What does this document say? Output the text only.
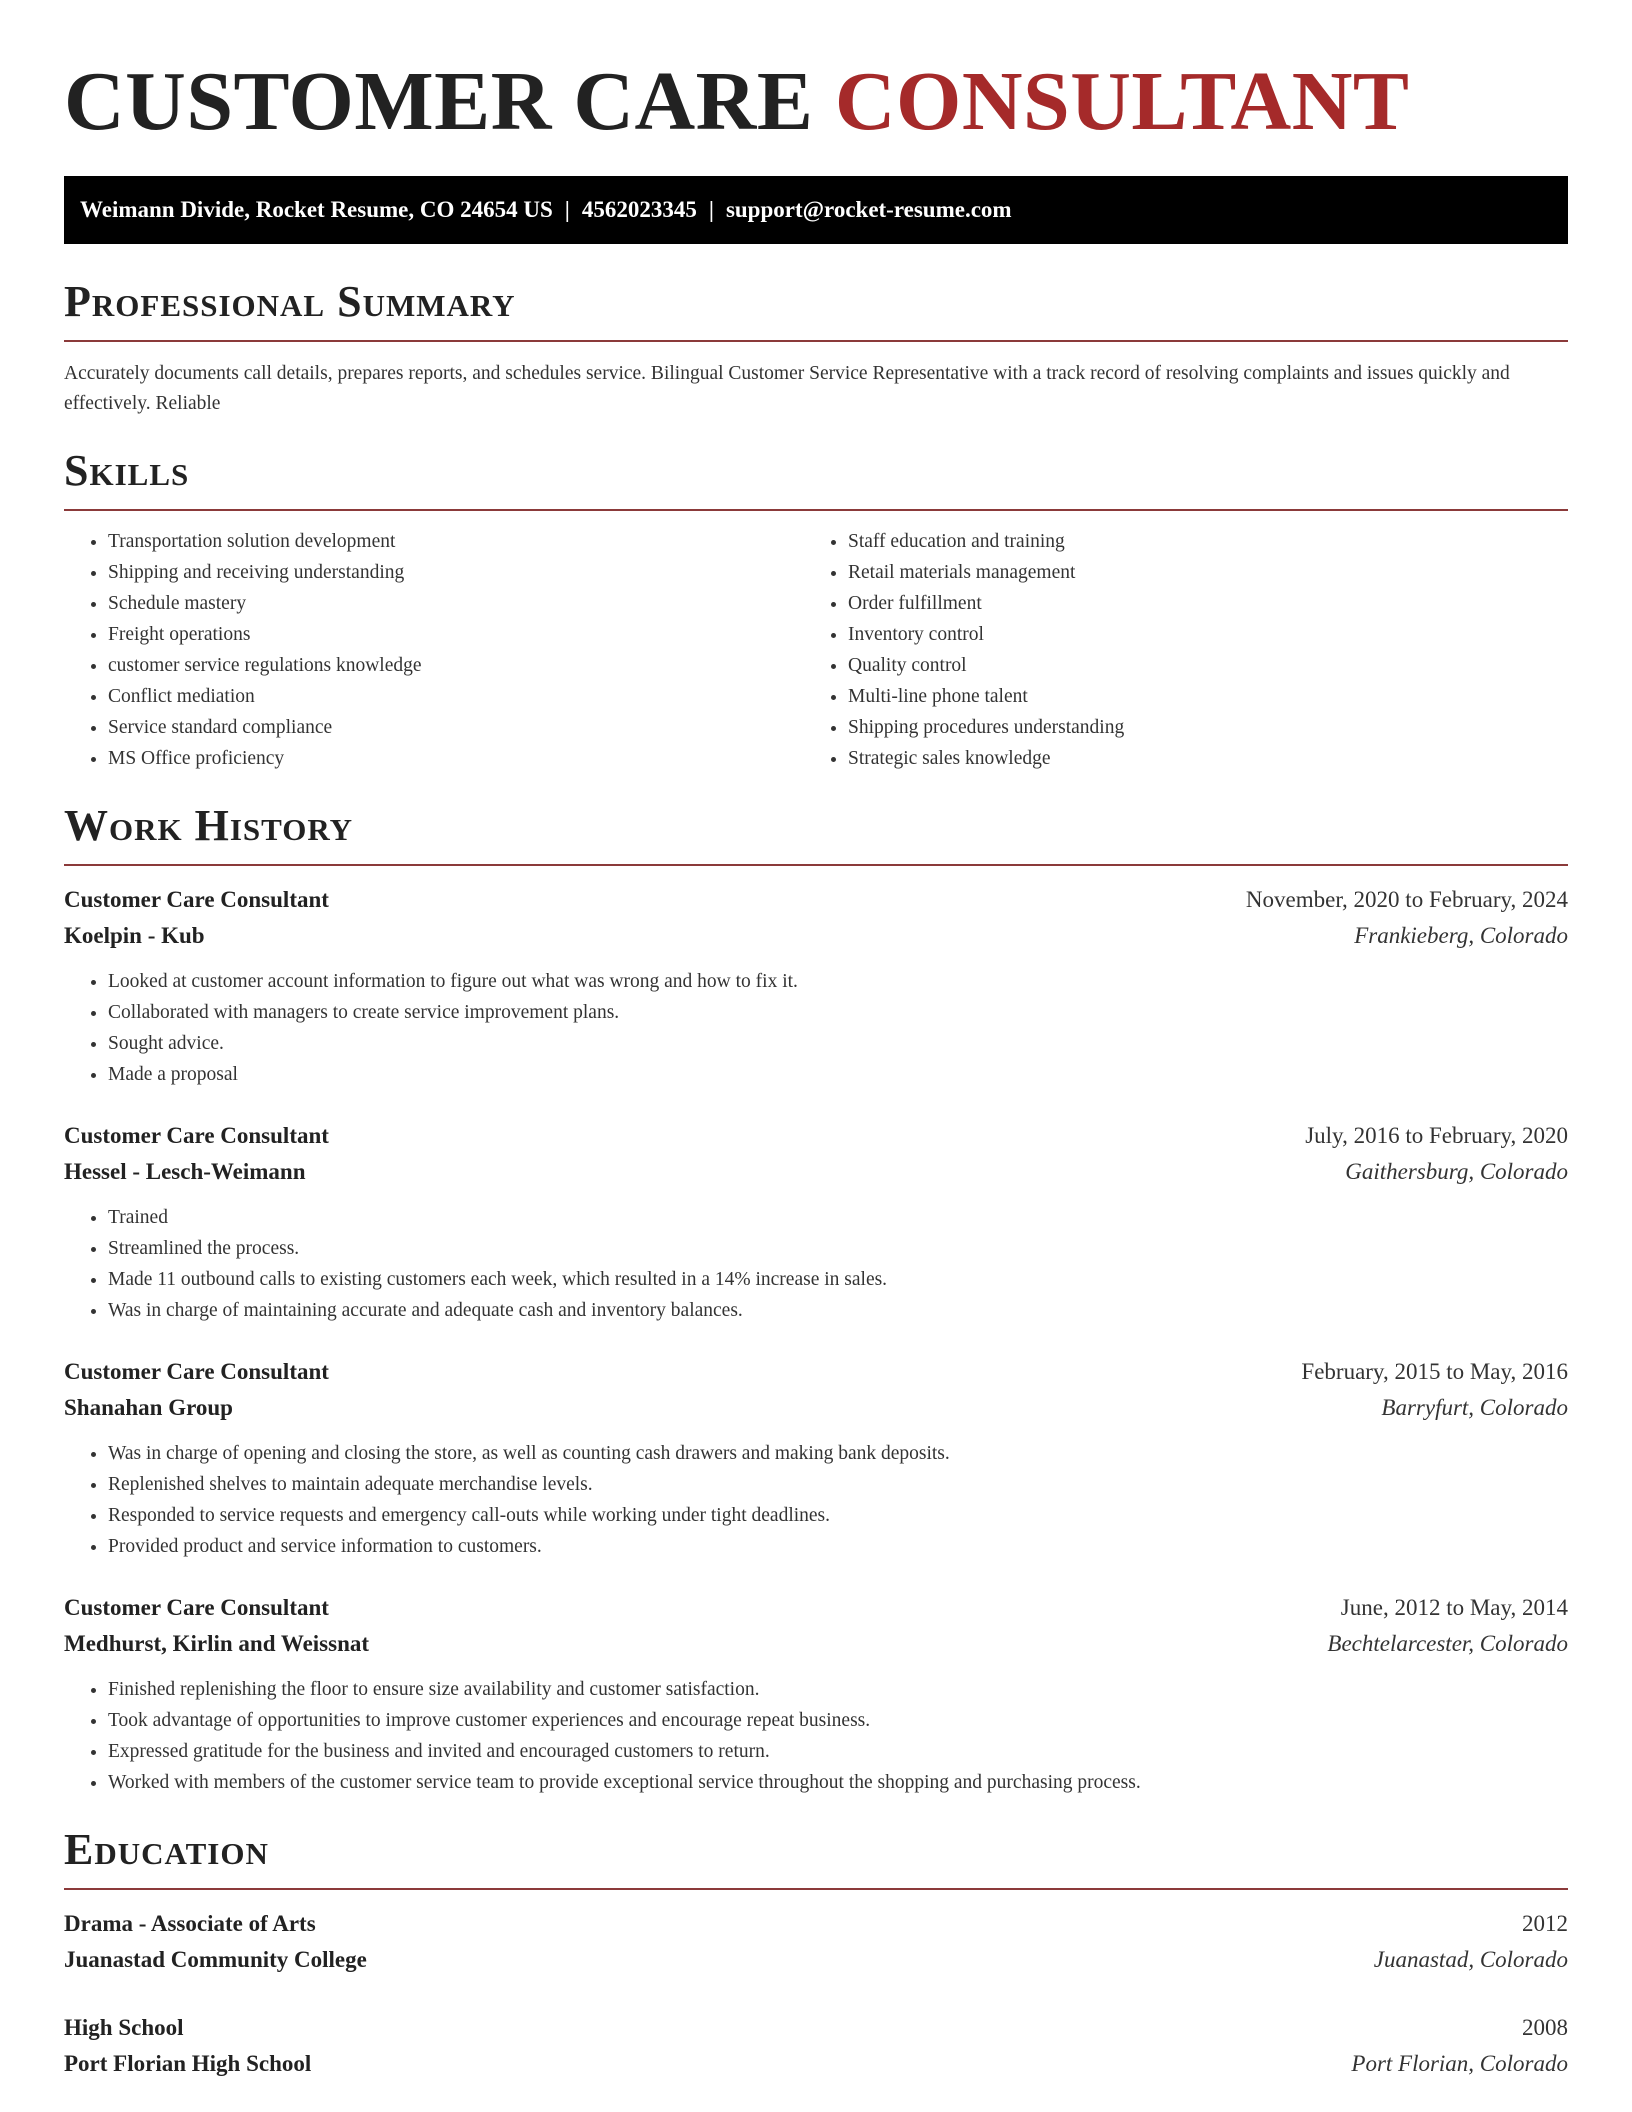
CUSTOMER CARE CONSULTANT
Weimann Divide, Rocket Resume, CO 24654 US | 4562023345 | support@rocket-resume.com
Professional Summary
Accurately documents call details, prepares reports, and schedules service. Bilingual Customer Service Representative with a track record of resolving complaints and issues quickly and effectively. Reliable
Skills
• Transportation solution development
• Shipping and receiving understanding
• Schedule mastery
• Freight operations
• customer service regulations knowledge
• Conflict mediation
• Service standard compliance
• MS Office proficiency
• Staff education and training
• Retail materials management
• Order fulfillment
• Inventory control
• Quality control
• Multi-line phone talent
• Shipping procedures understanding
• Strategic sales knowledge
Work History
Customer Care Consultant	November, 2020 to February, 2024
Koelpin - Kub	Frankieberg, Colorado
• Looked at customer account information to figure out what was wrong and how to fix it.
• Collaborated with managers to create service improvement plans.
• Sought advice.
• Made a proposal
Customer Care Consultant	July, 2016 to February, 2020
Hessel - Lesch-Weimann	Gaithersburg, Colorado
• Trained
• Streamlined the process.
• Made 11 outbound calls to existing customers each week, which resulted in a 14% increase in sales.
• Was in charge of maintaining accurate and adequate cash and inventory balances.
Customer Care Consultant	February, 2015 to May, 2016
Shanahan Group	Barryfurt, Colorado
• Was in charge of opening and closing the store, as well as counting cash drawers and making bank deposits.
• Replenished shelves to maintain adequate merchandise levels.
• Responded to service requests and emergency call-outs while working under tight deadlines.
• Provided product and service information to customers.
Customer Care Consultant	June, 2012 to May, 2014
Medhurst, Kirlin and Weissnat	Bechtelarcester, Colorado
• Finished replenishing the floor to ensure size availability and customer satisfaction.
• Took advantage of opportunities to improve customer experiences and encourage repeat business.
• Expressed gratitude for the business and invited and encouraged customers to return.
• Worked with members of the customer service team to provide exceptional service throughout the shopping and purchasing process.
Education
Drama - Associate of Arts	2012
Juanastad Community College	Juanastad, Colorado
High School	2008
Port Florian High School	Port Florian, Colorado
